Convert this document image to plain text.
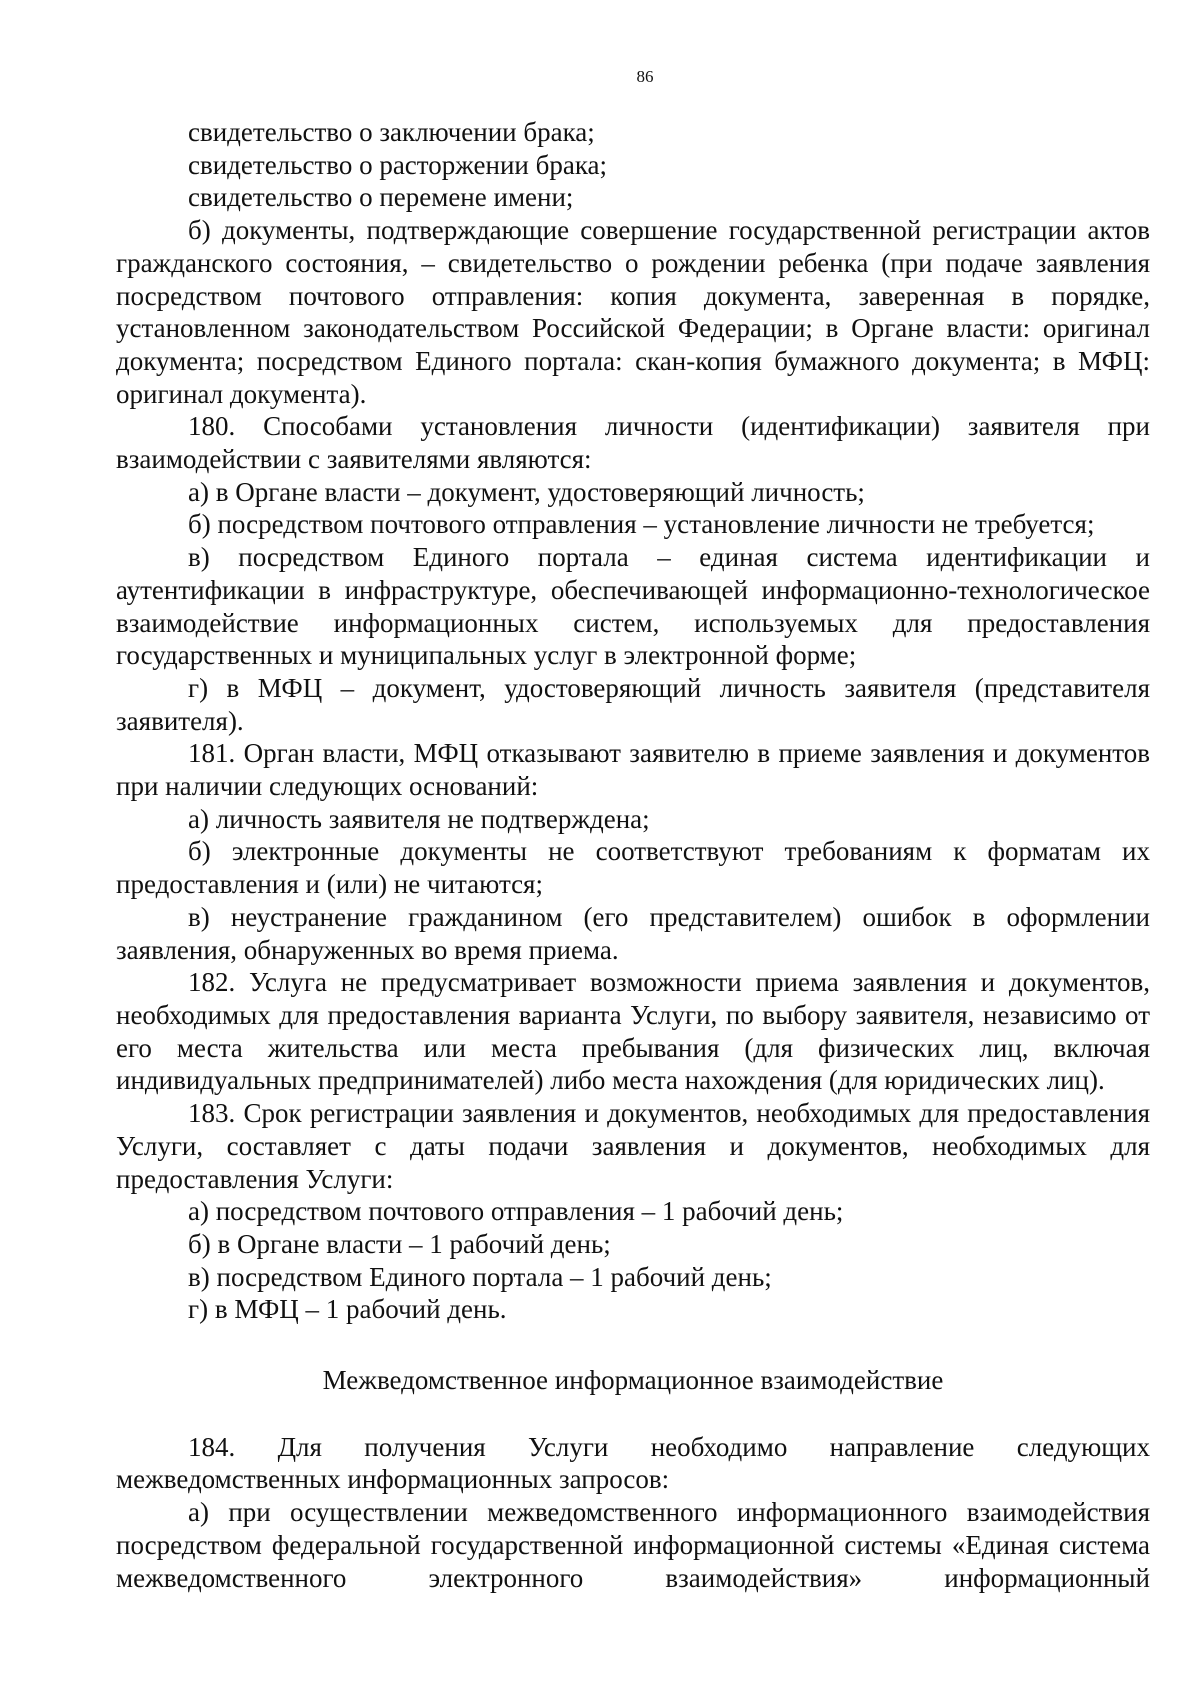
86

свидетельство о заключении брака;

свидетельство о расторжении брака;

свидетельство о перемене имени;

б) документы, подтверждающие совершение государственной регистрации актов гражданского состояния, – свидетельство о рождении ребенка (при подаче заявления посредством почтового отправления: копия документа, заверенная в порядке, установленном законодательством Российской Федерации; в Органе власти: оригинал документа; посредством Единого портала: скан-копия бумажного документа; в МФЦ: оригинал документа).

180. Способами установления личности (идентификации) заявителя при взаимодействии с заявителями являются:

а) в Органе власти – документ, удостоверяющий личность;

б) посредством почтового отправления – установление личности не требуется;

в) посредством Единого портала – единая система идентификации и аутентификации в инфраструктуре, обеспечивающей информационно-технологическое взаимодействие информационных систем, используемых для предоставления государственных и муниципальных услуг в электронной форме;

г) в МФЦ – документ, удостоверяющий личность заявителя (представителя заявителя).

181. Орган власти, МФЦ отказывают заявителю в приеме заявления и документов при наличии следующих оснований:

а) личность заявителя не подтверждена;

б) электронные документы не соответствуют требованиям к форматам их предоставления и (или) не читаются;

в) неустранение гражданином (его представителем) ошибок в оформлении заявления, обнаруженных во время приема.

182. Услуга не предусматривает возможности приема заявления и документов, необходимых для предоставления варианта Услуги, по выбору заявителя, независимо от его места жительства или места пребывания (для физических лиц, включая индивидуальных предпринимателей) либо места нахождения (для юридических лиц).

183. Срок регистрации заявления и документов, необходимых для предоставления Услуги, составляет с даты подачи заявления и документов, необходимых для предоставления Услуги:

а) посредством почтового отправления – 1 рабочий день;

б) в Органе власти – 1 рабочий день;

в) посредством Единого портала – 1 рабочий день;

г) в МФЦ – 1 рабочий день.

Межведомственное информационное взаимодействие

184. Для получения Услуги необходимо направление следующих межведомственных информационных запросов:

а) при осуществлении межведомственного информационного взаимодействия посредством федеральной государственной информационной системы «Единая система межведомственного электронного взаимодействия» информационный
